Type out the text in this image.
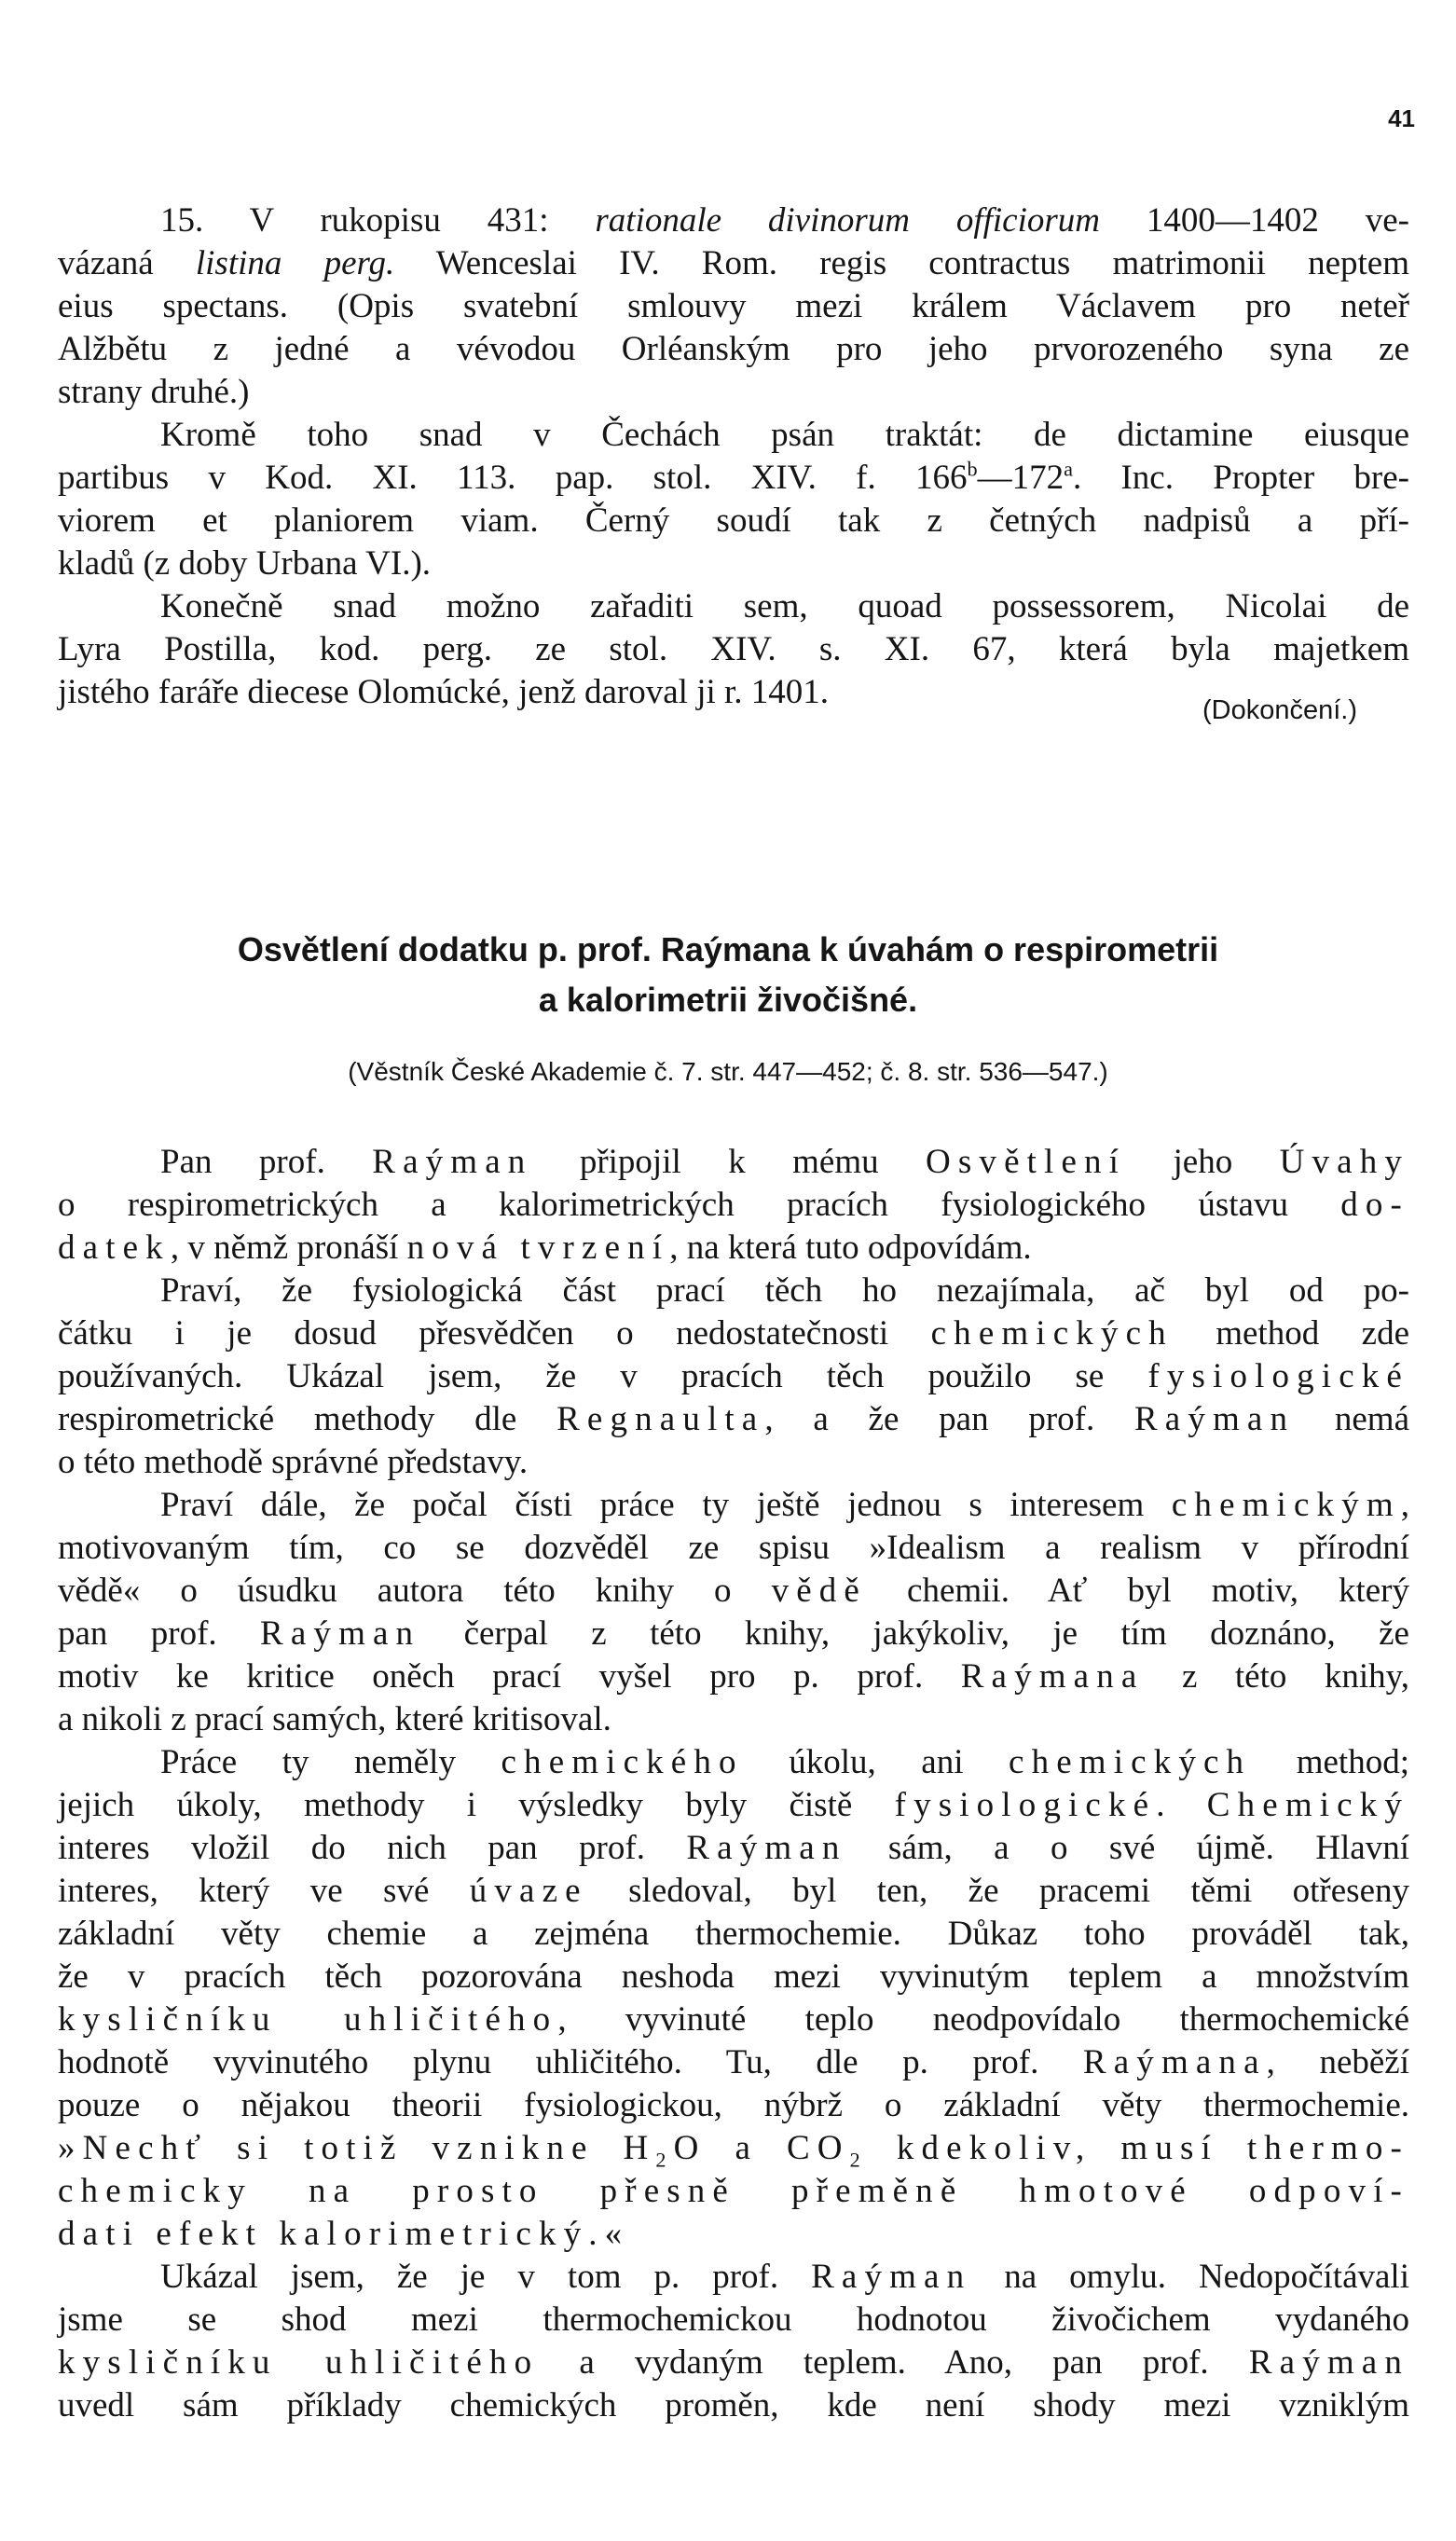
41
15. V rukopisu 431: rationale divinorum officiorum 1400—1402 ve-
vázaná listina perg. Wenceslai IV. Rom. regis contractus matrimonii neptem
eius spectans. (Opis svatební smlouvy mezi králem Václavem pro neteř
Alžbětu z jedné a vévodou Orléanským pro jeho prvorozeného syna ze
strany druhé.)
Kromě toho snad v Čechách psán traktát: de dictamine eiusque
partibus v Kod. XI. 113. pap. stol. XIV. f. 166$^b$—172$^a$. Inc. Propter bre-
viorem et planiorem viam. Černý soudí tak z četných nadpisů a pří-
kladů (z doby Urbana VI.).
Konečně snad možno zařaditi sem, quoad possessorem, Nicolai de
Lyra Postilla, kod. perg. ze stol. XIV. s. XI. 67, která byla majetkem
jistého faráře diecese Olomúcké, jenž daroval ji r. 1401.	(Dokončení.)
Osvětlení dodatku p. prof. Raýmana k úvahám o respirometrii
a kalorimetrii živočišné.
(Věstník České Akademie č. 7. str. 447—452; č. 8. str. 536—547.)
Pan prof. Raýman připojil k mému Osvětlení jeho Úvahy
o respirometrických a kalorimetrických pracích fysiologického ústavu do-
datek, v němž pronáší nová tvrzení, na která tuto odpovídám.
Praví, že fysiologická část prací těch ho nezajímala, ač byl od po-
čátku i je dosud přesvědčen o nedostatečnosti chemických method zde
používaných. Ukázal jsem, že v pracích těch použilo se fysiologické
respirometrické methody dle Regnaulta, a že pan prof. Raýman nemá
o této methodě správné představy.
Praví dále, že počal čísti práce ty ještě jednou s interesem chemickým,
motivovaným tím, co se dozvěděl ze spisu »Idealism a realism v přírodní
vědě« o úsudku autora této knihy o vědě chemii. Ať byl motiv, který
pan prof. Raýman čerpal z této knihy, jakýkoliv, je tím doznáno, že
motiv ke kritice oněch prací vyšel pro p. prof. Raýmana z této knihy,
a nikoli z prací samých, které kritisoval.
Práce ty neměly chemického úkolu, ani chemických method;
jejich úkoly, methody i výsledky byly čistě fysiologické. Chemický
interes vložil do nich pan prof. Raýman sám, a o své újmě. Hlavní
interes, který ve své úvaze sledoval, byl ten, že pracemi těmi otřeseny
základní věty chemie a zejména thermochemie. Důkaz toho prováděl tak,
že v pracích těch pozorována neshoda mezi vyvinutým teplem a množstvím
kysličníku uhličitého, vyvinuté teplo neodpovídalo thermochemické
hodnotě vyvinutého plynu uhličitého. Tu, dle p. prof. Raýmana, neběží
pouze o nějakou theorii fysiologickou, nýbrž o základní věty thermochemie.
»Nechť si totiž vznikne $H_2O$ a $CO_2$ kdekoliv, musí thermo-
chemicky na prosto přesně přeměně hmotové odpoví-
dati efekt kalorimetrický.«
Ukázal jsem, že je v tom p. prof. Raýman na omylu. Nedopočítávali
jsme se shod mezi thermochemickou hodnotou živočichem vydaného
kysličníku uhličitého a vydaným teplem. Ano, pan prof. Raýman
uvedl sám příklady chemických proměn, kde není shody mezi vzniklým
